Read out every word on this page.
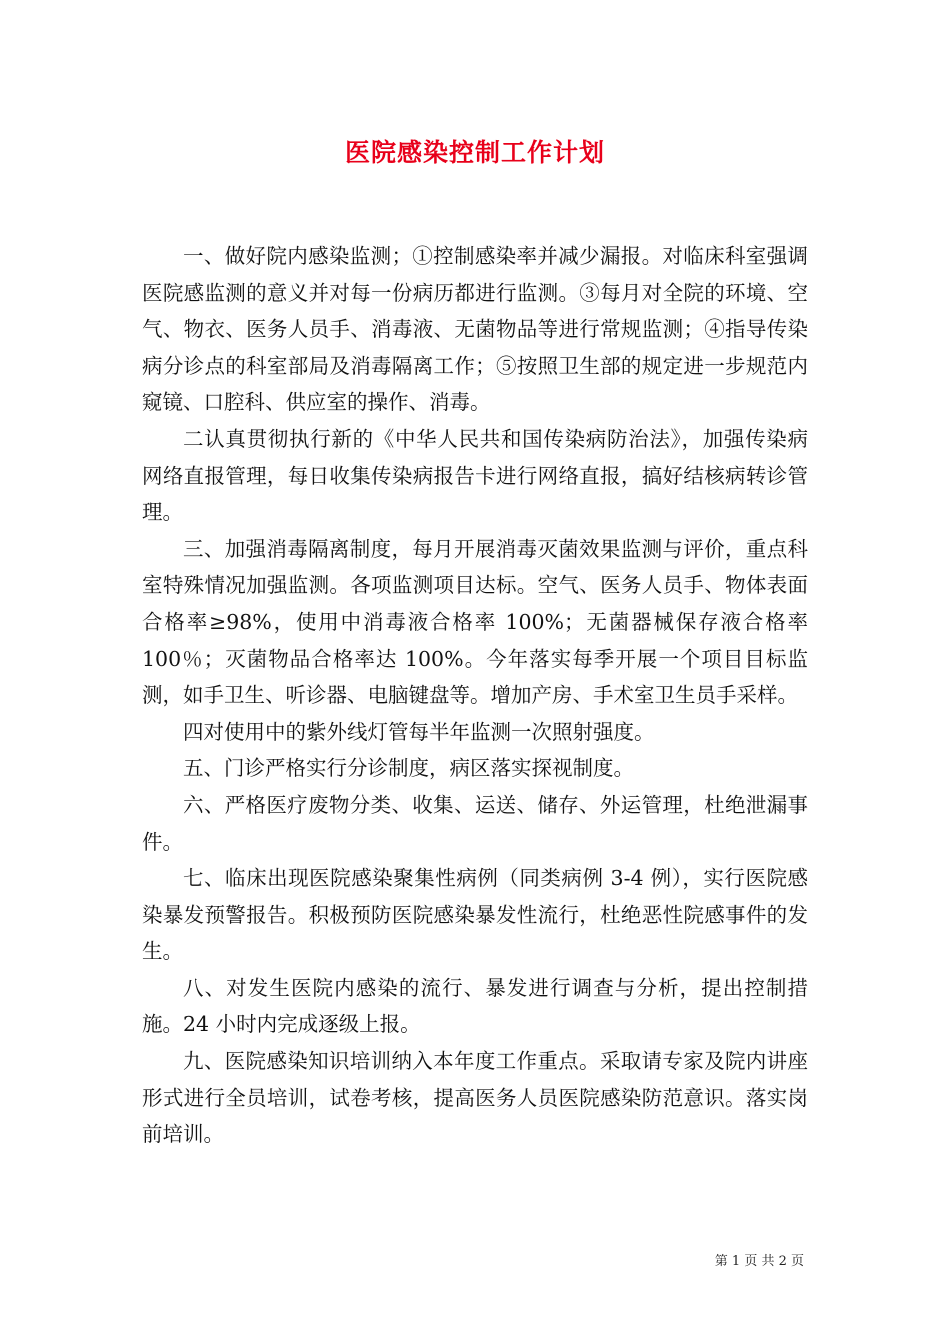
医院感染控制工作计划

一、做好院内感染监测；①控制感染率并减少漏报。对临床科室强调医院感监测的意义并对每一份病历都进行监测。③每月对全院的环境、空气、物衣、医务人员手、消毒液、无菌物品等进行常规监测；④指导传染病分诊点的科室部局及消毒隔离工作；⑤按照卫生部的规定进一步规范内窥镜、口腔科、供应室的操作、消毒。

二认真贯彻执行新的《中华人民共和国传染病防治法》，加强传染病网络直报管理，每日收集传染病报告卡进行网络直报，搞好结核病转诊管理。

三、加强消毒隔离制度，每月开展消毒灭菌效果监测与评价，重点科室特殊情况加强监测。各项监测项目达标。空气、医务人员手、物体表面合格率≥98%，使用中消毒液合格率 100%；无菌器械保存液合格率 100％；灭菌物品合格率达 100%。今年落实每季开展一个项目目标监测，如手卫生、听诊器、电脑键盘等。增加产房、手术室卫生员手采样。

四对使用中的紫外线灯管每半年监测一次照射强度。

五、门诊严格实行分诊制度，病区落实探视制度。

六、严格医疗废物分类、收集、运送、储存、外运管理，杜绝泄漏事件。

七、临床出现医院感染聚集性病例（同类病例 3-4 例），实行医院感染暴发预警报告。积极预防医院感染暴发性流行，杜绝恶性院感事件的发生。

八、对发生医院内感染的流行、暴发进行调查与分析，提出控制措施。24 小时内完成逐级上报。

九、医院感染知识培训纳入本年度工作重点。采取请专家及院内讲座形式进行全员培训，试卷考核，提高医务人员医院感染防范意识。落实岗前培训。

第 1 页 共 2 页
